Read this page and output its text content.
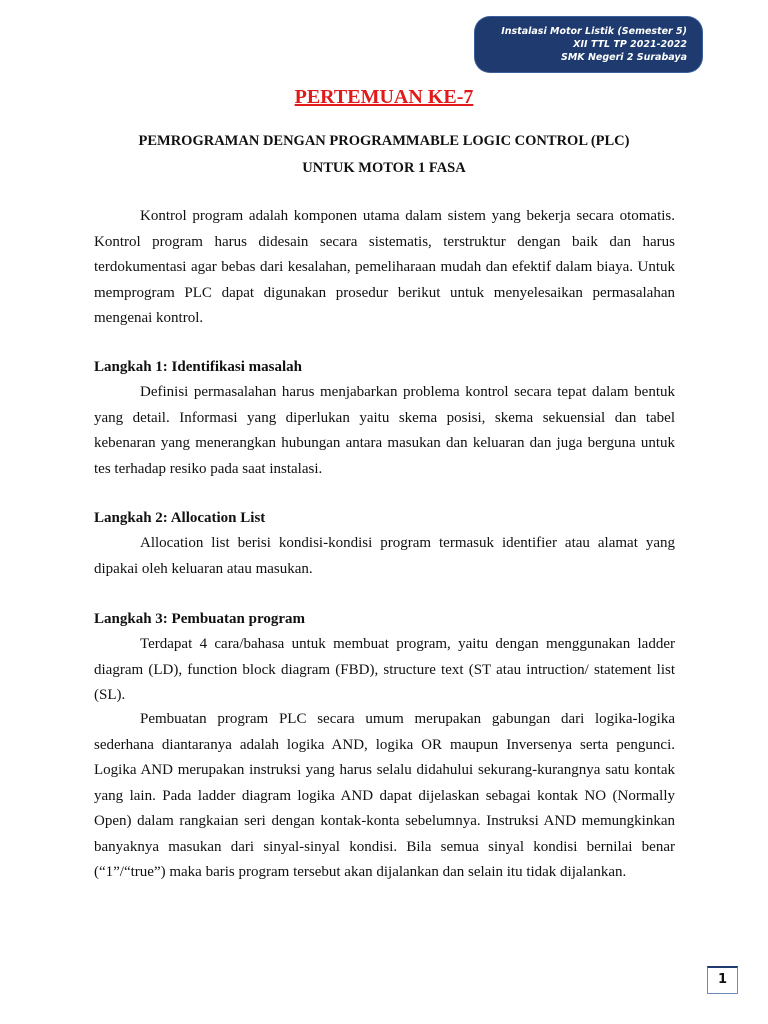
Instalasi Motor Listik (Semester 5)
XII TTL TP 2021-2022
SMK Negeri 2 Surabaya
PERTEMUAN KE-7
PEMROGRAMAN DENGAN PROGRAMMABLE LOGIC CONTROL (PLC)
UNTUK MOTOR 1 FASA

Kontrol program adalah komponen utama dalam sistem yang bekerja secara otomatis. Kontrol program harus didesain secara sistematis, terstruktur dengan baik dan harus terdokumentasi agar bebas dari kesalahan, pemeliharaan mudah dan efektif dalam biaya. Untuk memprogram PLC dapat digunakan prosedur berikut untuk menyelesaikan permasalahan mengenai kontrol.

Langkah 1: Identifikasi masalah

Definisi permasalahan harus menjabarkan problema kontrol secara tepat dalam bentuk yang detail. Informasi yang diperlukan yaitu skema posisi, skema sekuensial dan tabel kebenaran yang menerangkan hubungan antara masukan dan keluaran dan juga berguna untuk tes terhadap resiko pada saat instalasi.

Langkah 2: Allocation List

Allocation list berisi kondisi-kondisi program termasuk identifier atau alamat yang dipakai oleh keluaran atau masukan.

Langkah 3: Pembuatan program

Terdapat 4 cara/bahasa untuk membuat program, yaitu dengan menggunakan ladder diagram (LD), function block diagram (FBD), structure text (ST atau intruction/ statement list (SL).

Pembuatan program PLC secara umum merupakan gabungan dari logika-logika sederhana diantaranya adalah logika AND, logika OR maupun Inversenya serta pengunci. Logika AND merupakan instruksi yang harus selalu didahului sekurang-kurangnya satu kontak yang lain. Pada ladder diagram logika AND dapat dijelaskan sebagai kontak NO (Normally Open) dalam rangkaian seri dengan kontak-konta sebelumnya. Instruksi AND memungkinkan banyaknya masukan dari sinyal-sinyal kondisi. Bila semua sinyal kondisi bernilai benar (“1”/“true”) maka baris program tersebut akan dijalankan dan selain itu tidak dijalankan.

1
